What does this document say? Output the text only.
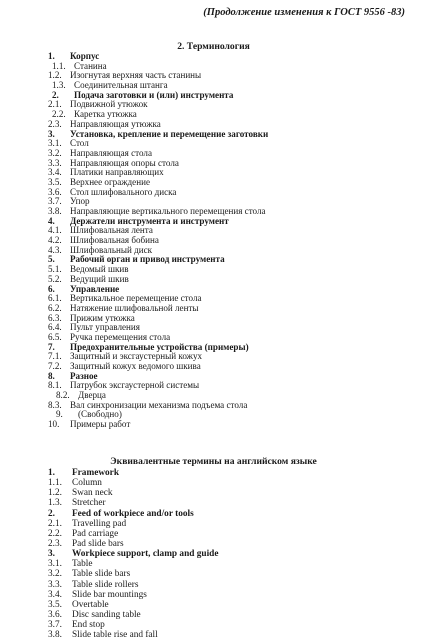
(Продолжение изменения к ГОСТ 9556 -83)
2. Терминология
1. Корпус
1.1. Станина
1.2. Изогнутая верхняя часть станины
1.3. Соединительная штанга
2. Подача заготовки и (или) инструмента
2.1. Подвижной утюжок
2.2. Каретка утюжка
2.3. Направляющая утюжка
3. Установка, крепление и перемещение заготовки
3.1. Стол
3.2. Направляющая стола
3.3. Направляющая опоры стола
3.4. Платики направляющих
3.5. Верхнее ограждение
3.6. Стол шлифовального диска
3.7. Упор
3.8. Направляющие вертикального перемещения стола
4. Держатели инструмента и инструмент
4.1. Шлифовальная лента
4.2. Шлифовальная бобина
4.3. Шлифовальный диск
5. Рабочий орган и привод инструмента
5.1. Ведомый шкив
5.2. Ведущий шкив
6. Управление
6.1. Вертикальное перемещение стола
6.2. Натяжение шлифовальной ленты
6.3. Прижим утюжка
6.4. Пульт управления
6.5. Ручка перемещения стола
7. Предохранительные устройства (примеры)
7.1. Защитный и эксгаустерный кожух
7.2. Защитный кожух ведомого шкива
8. Разное
8.1. Патрубок эксгаустерной системы
8.2. Дверца
8.3. Вал синхронизации механизма подъема стола
9. (Свободно)
10. Примеры работ
Эквивалентные термины на английском языке
1. Framework
1.1. Column
1.2. Swan neck
1.3. Stretcher
2. Feed of workpiece and/or tools
2.1. Travelling pad
2.2. Pad carriage
2.3. Pad slide bars
3. Workpiece support, clamp and guide
3.1. Table
3.2. Table slide bars
3.3. Table slide rollers
3.4. Slide bar mountings
3.5. Overtable
3.6. Disc sanding table
3.7. End stop
3.8. Slide table rise and fall
